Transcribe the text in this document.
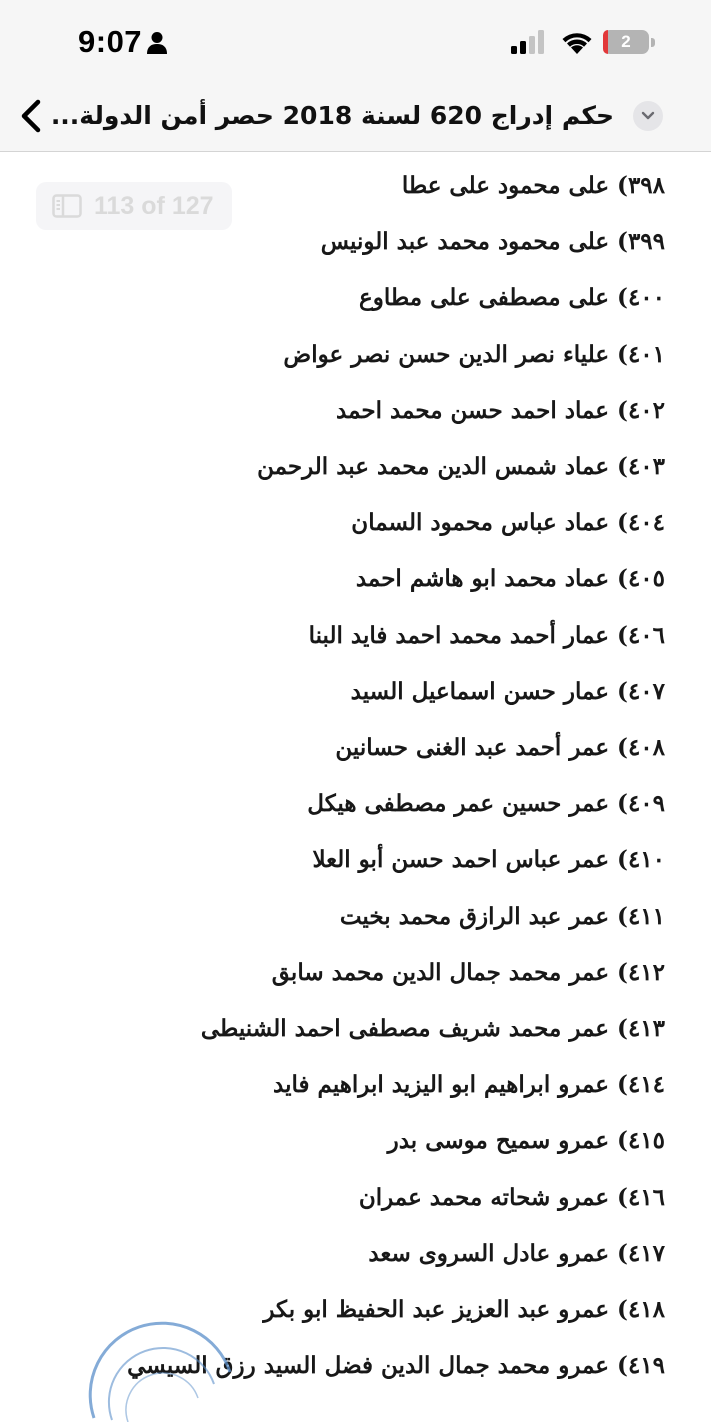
9:07	2
حكم إدراج 620 لسنة 2018 حصر أمن الدولة...
٣٩٨)على محمود على عطا
٣٩٩)على محمود محمد عبد الونيس
٤٠٠)على مصطفى على مطاوع
٤٠١)علياء نصر الدين حسن نصر عواض
٤٠٢)عماد احمد حسن محمد احمد
٤٠٣)عماد شمس الدين محمد عبد الرحمن
٤٠٤)عماد عباس محمود السمان
٤٠٥)عماد محمد ابو هاشم احمد
٤٠٦)عمار أحمد محمد احمد فايد البنا
٤٠٧)عمار حسن اسماعيل السيد
٤٠٨)عمر أحمد عبد الغنى حسانين
٤٠٩)عمر حسين عمر مصطفى هيكل
٤١٠)عمر عباس احمد حسن أبو العلا
٤١١)عمر عبد الرازق محمد بخيت
٤١٢)عمر محمد جمال الدين محمد سابق
٤١٣)عمر محمد شريف مصطفى احمد الشنيطى
٤١٤)عمرو ابراهيم ابو اليزيد ابراهيم فايد
٤١٥)عمرو سميح موسى بدر
٤١٦)عمرو شحاته محمد عمران
٤١٧)عمرو عادل السروى سعد
٤١٨)عمرو عبد العزيز عبد الحفيظ ابو بكر
٤١٩)عمرو محمد جمال الدين فضل السيد رزق السيسي
113 of 127
